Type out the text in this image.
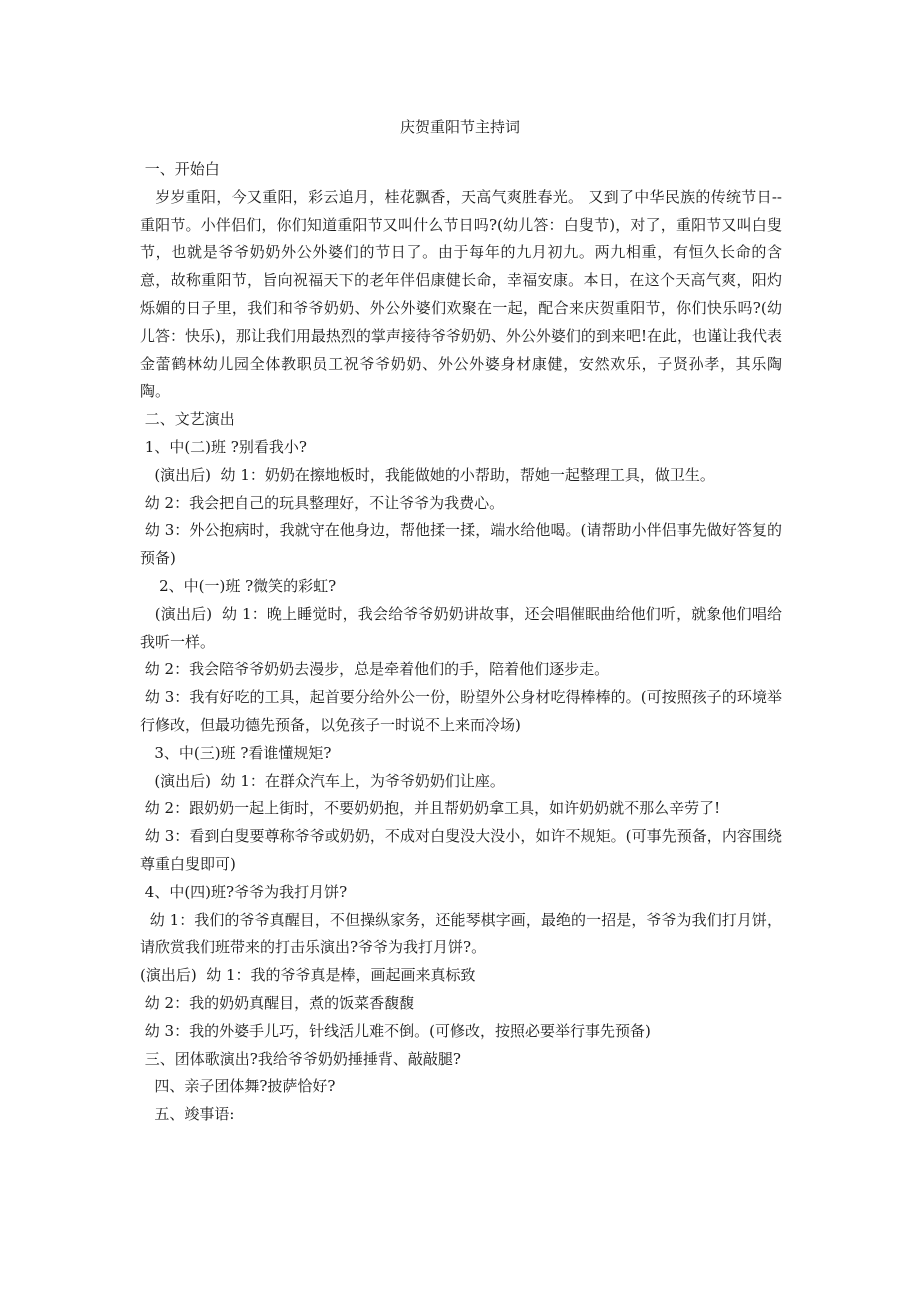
庆贺重阳节主持词

一、开始白

岁岁重阳，今又重阳，彩云追月，桂花飘香，天高气爽胜春光。 又到了中华民族的传统节日--重阳节。小伴侣们，你们知道重阳节又叫什么节日吗?(幼儿答：白叟节)，对了，重阳节又叫白叟节，也就是爷爷奶奶外公外婆们的节日了。由于每年的九月初九。两九相重，有恒久长命的含意，故称重阳节，旨向祝福天下的老年伴侣康健长命，幸福安康。本日，在这个天高气爽，阳灼烁媚的日子里，我们和爷爷奶奶、外公外婆们欢聚在一起，配合来庆贺重阳节，你们快乐吗?(幼儿答：快乐)，那让我们用最热烈的掌声接待爷爷奶奶、外公外婆们的到来吧!在此，也谨让我代表金蕾鹤林幼儿园全体教职员工祝爷爷奶奶、外公外婆身材康健，安然欢乐，子贤孙孝，其乐陶陶。

二、文艺演出

1、中(二)班 ?别看我小?

(演出后)  幼 1：奶奶在擦地板时，我能做她的小帮助，帮她一起整理工具，做卫生。

幼 2：我会把自己的玩具整理好，不让爷爷为我费心。

幼 3：外公抱病时，我就守在他身边，帮他揉一揉，端水给他喝。(请帮助小伴侣事先做好答复的预备)

2、中(一)班 ?微笑的彩虹?

(演出后)  幼 1：晚上睡觉时，我会给爷爷奶奶讲故事，还会唱催眠曲给他们听，就象他们唱给我听一样。

幼 2：我会陪爷爷奶奶去漫步，总是牵着他们的手，陪着他们逐步走。

幼 3：我有好吃的工具，起首要分给外公一份，盼望外公身材吃得棒棒的。(可按照孩子的环境举行修改，但最功德先预备，以免孩子一时说不上来而冷场)

3、中(三)班 ?看谁懂规矩?

(演出后)  幼 1：在群众汽车上，为爷爷奶奶们让座。

幼 2：跟奶奶一起上街时，不要奶奶抱，并且帮奶奶拿工具，如许奶奶就不那么辛劳了!

幼 3：看到白叟要尊称爷爷或奶奶，不成对白叟没大没小，如许不规矩。(可事先预备，内容围绕尊重白叟即可)

4、中(四)班?爷爷为我打月饼?

幼 1：我们的爷爷真醒目，不但操纵家务，还能琴棋字画，最绝的一招是，爷爷为我们打月饼，请欣赏我们班带来的打击乐演出?爷爷为我打月饼?。

(演出后)  幼 1：我的爷爷真是棒，画起画来真标致

幼 2：我的奶奶真醒目，煮的饭菜香馥馥

幼 3：我的外婆手儿巧，针线活儿难不倒。(可修改，按照必要举行事先预备)

三、团体歌演出?我给爷爷奶奶捶捶背、敲敲腿?

四、亲子团体舞?披萨恰好?

五、竣事语:
